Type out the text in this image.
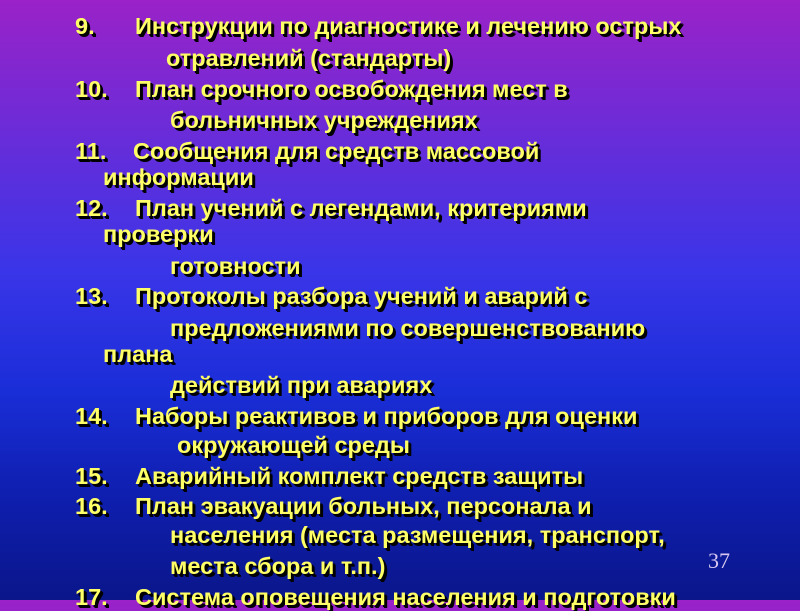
9. Инструкции по диагностике и лечению острых
отравлений (стандарты)
10. План срочного освобождения мест в
больничных учреждениях
11. Сообщения для средств массовой
информации
12. План учений с легендами, критериями
проверки
готовности
13. Протоколы разбора учений и аварий с
предложениями по совершенствованию
плана
действий при авариях
14. Наборы реактивов и приборов для оценки
окружающей среды
15. Аварийный комплект средств защиты
16. План эвакуации больных, персонала и
населения (места размещения, транспорт,
места сбора и т.п.)
17. Система оповещения населения и подготовки
37
